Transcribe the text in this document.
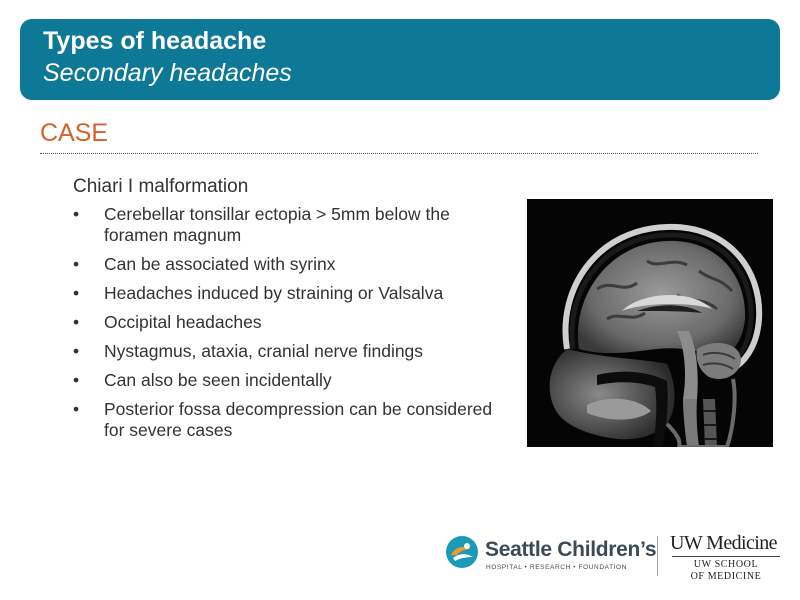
Types of headache
Secondary headaches
CASE
Chiari I malformation
• Cerebellar tonsillar ectopia > 5mm below the foramen magnum
• Can be associated with syrinx
• Headaches induced by straining or Valsalva
• Occipital headaches
• Nystagmus, ataxia, cranial nerve findings
• Can also be seen incidentally
• Posterior fossa decompression can be considered for severe cases
Seattle Children’s
HOSPITAL • RESEARCH • FOUNDATION
UW Medicine
UW SCHOOL
OF MEDICINE
